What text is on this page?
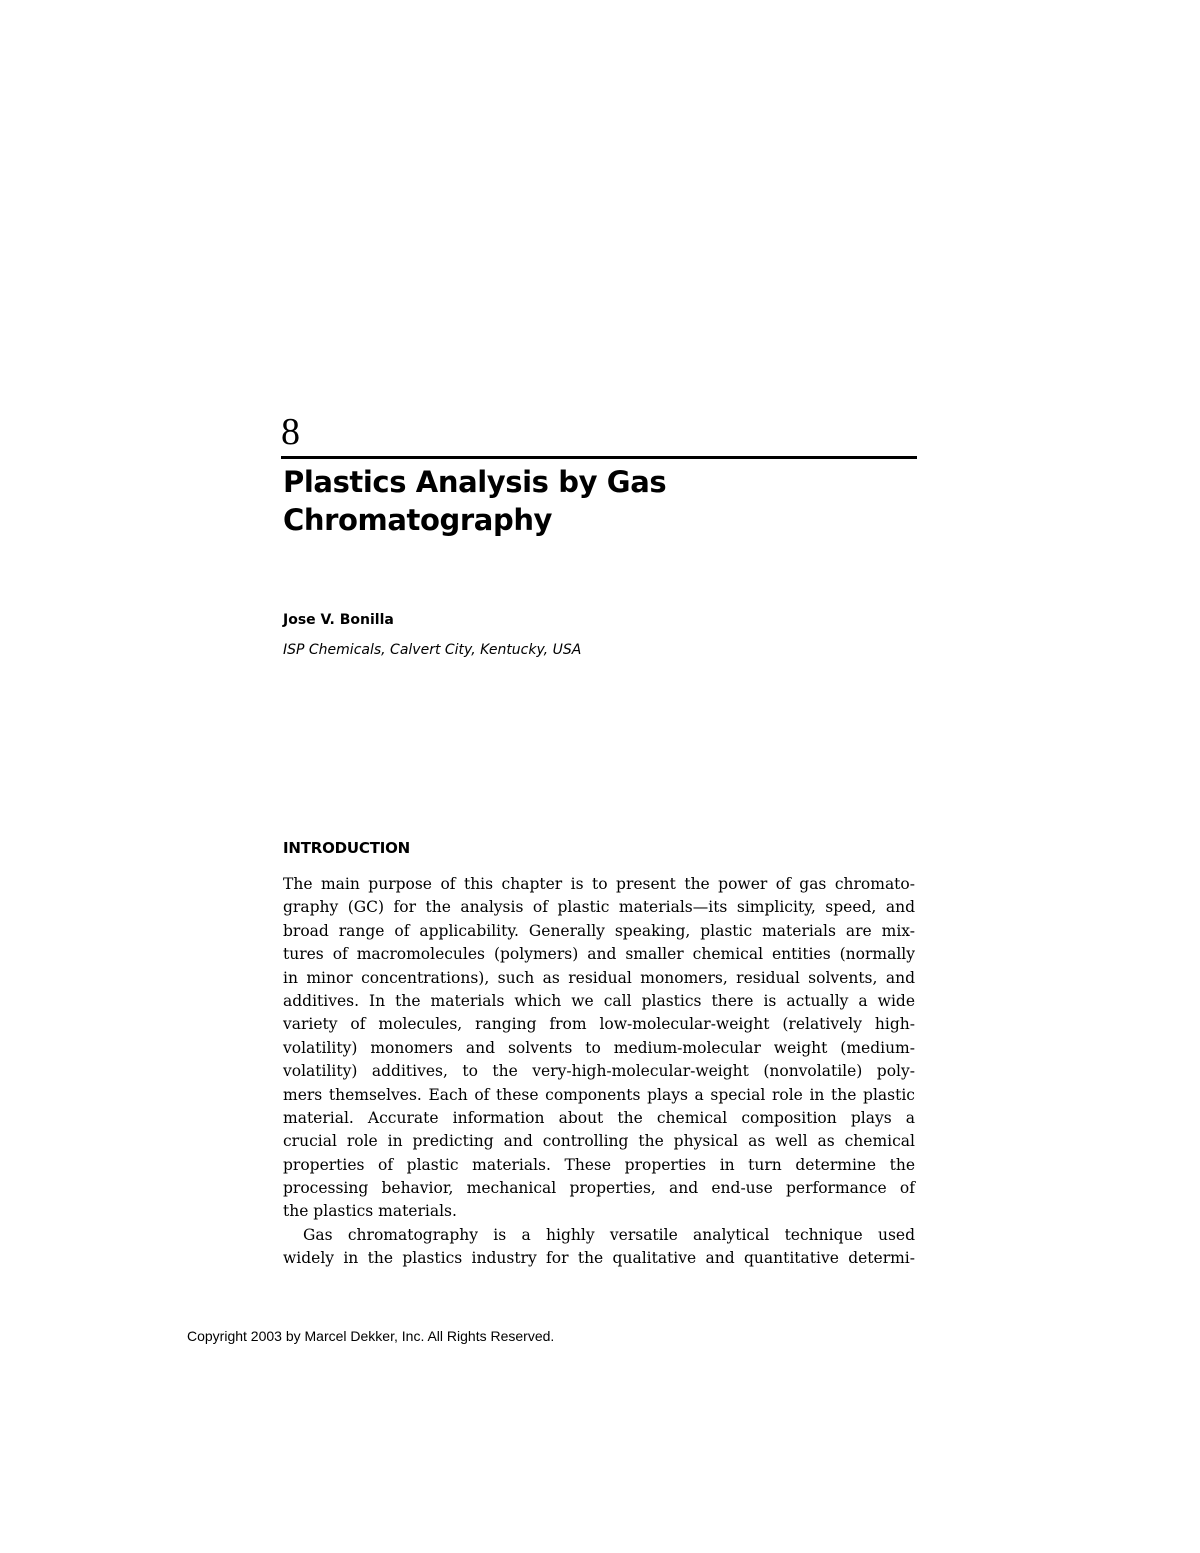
8
Plastics Analysis by Gas
Chromatography
Jose V. Bonilla
ISP Chemicals, Calvert City, Kentucky, USA
INTRODUCTION
The main purpose of this chapter is to present the power of gas chromato-
graphy (GC) for the analysis of plastic materials—its simplicity, speed, and
broad range of applicability. Generally speaking, plastic materials are mix-
tures of macromolecules (polymers) and smaller chemical entities (normally
in minor concentrations), such as residual monomers, residual solvents, and
additives. In the materials which we call plastics there is actually a wide
variety of molecules, ranging from low-molecular-weight (relatively high-
volatility) monomers and solvents to medium-molecular weight (medium-
volatility) additives, to the very-high-molecular-weight (nonvolatile) poly-
mers themselves. Each of these components plays a special role in the plastic
material. Accurate information about the chemical composition plays a
crucial role in predicting and controlling the physical as well as chemical
properties of plastic materials. These properties in turn determine the
processing behavior, mechanical properties, and end-use performance of
the plastics materials.
Gas chromatography is a highly versatile analytical technique used
widely in the plastics industry for the qualitative and quantitative determi-
Copyright 2003 by Marcel Dekker, Inc. All Rights Reserved.
